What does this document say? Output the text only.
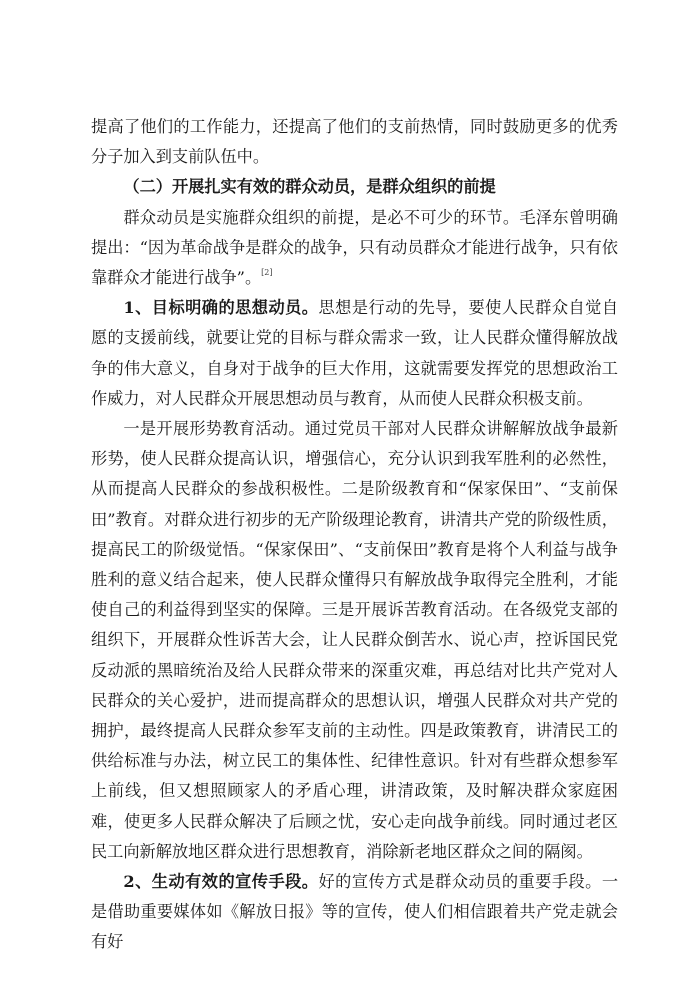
提高了他们的工作能力，还提高了他们的支前热情，同时鼓励更多的优秀分子加入到支前队伍中。

（二）开展扎实有效的群众动员，是群众组织的前提

群众动员是实施群众组织的前提，是必不可少的环节。毛泽东曾明确提出：“因为革命战争是群众的战争，只有动员群众才能进行战争，只有依靠群众才能进行战争”。[2]

1、目标明确的思想动员。思想是行动的先导，要使人民群众自觉自愿的支援前线，就要让党的目标与群众需求一致，让人民群众懂得解放战争的伟大意义，自身对于战争的巨大作用，这就需要发挥党的思想政治工作威力，对人民群众开展思想动员与教育，从而使人民群众积极支前。

一是开展形势教育活动。通过党员干部对人民群众讲解解放战争最新形势，使人民群众提高认识，增强信心，充分认识到我军胜利的必然性，从而提高人民群众的参战积极性。二是阶级教育和“保家保田”、“支前保田”教育。对群众进行初步的无产阶级理论教育，讲清共产党的阶级性质，提高民工的阶级觉悟。“保家保田”、“支前保田”教育是将个人利益与战争胜利的意义结合起来，使人民群众懂得只有解放战争取得完全胜利，才能使自己的利益得到坚实的保障。三是开展诉苦教育活动。在各级党支部的组织下，开展群众性诉苦大会，让人民群众倒苦水、说心声，控诉国民党反动派的黑暗统治及给人民群众带来的深重灾难，再总结对比共产党对人民群众的关心爱护，进而提高群众的思想认识，增强人民群众对共产党的拥护，最终提高人民群众参军支前的主动性。四是政策教育，讲清民工的供给标准与办法，树立民工的集体性、纪律性意识。针对有些群众想参军上前线，但又想照顾家人的矛盾心理，讲清政策，及时解决群众家庭困难，使更多人民群众解决了后顾之忧，安心走向战争前线。同时通过老区民工向新解放地区群众进行思想教育，消除新老地区群众之间的隔阂。

2、生动有效的宣传手段。好的宣传方式是群众动员的重要手段。一是借助重要媒体如《解放日报》等的宣传，使人们相信跟着共产党走就会有好
